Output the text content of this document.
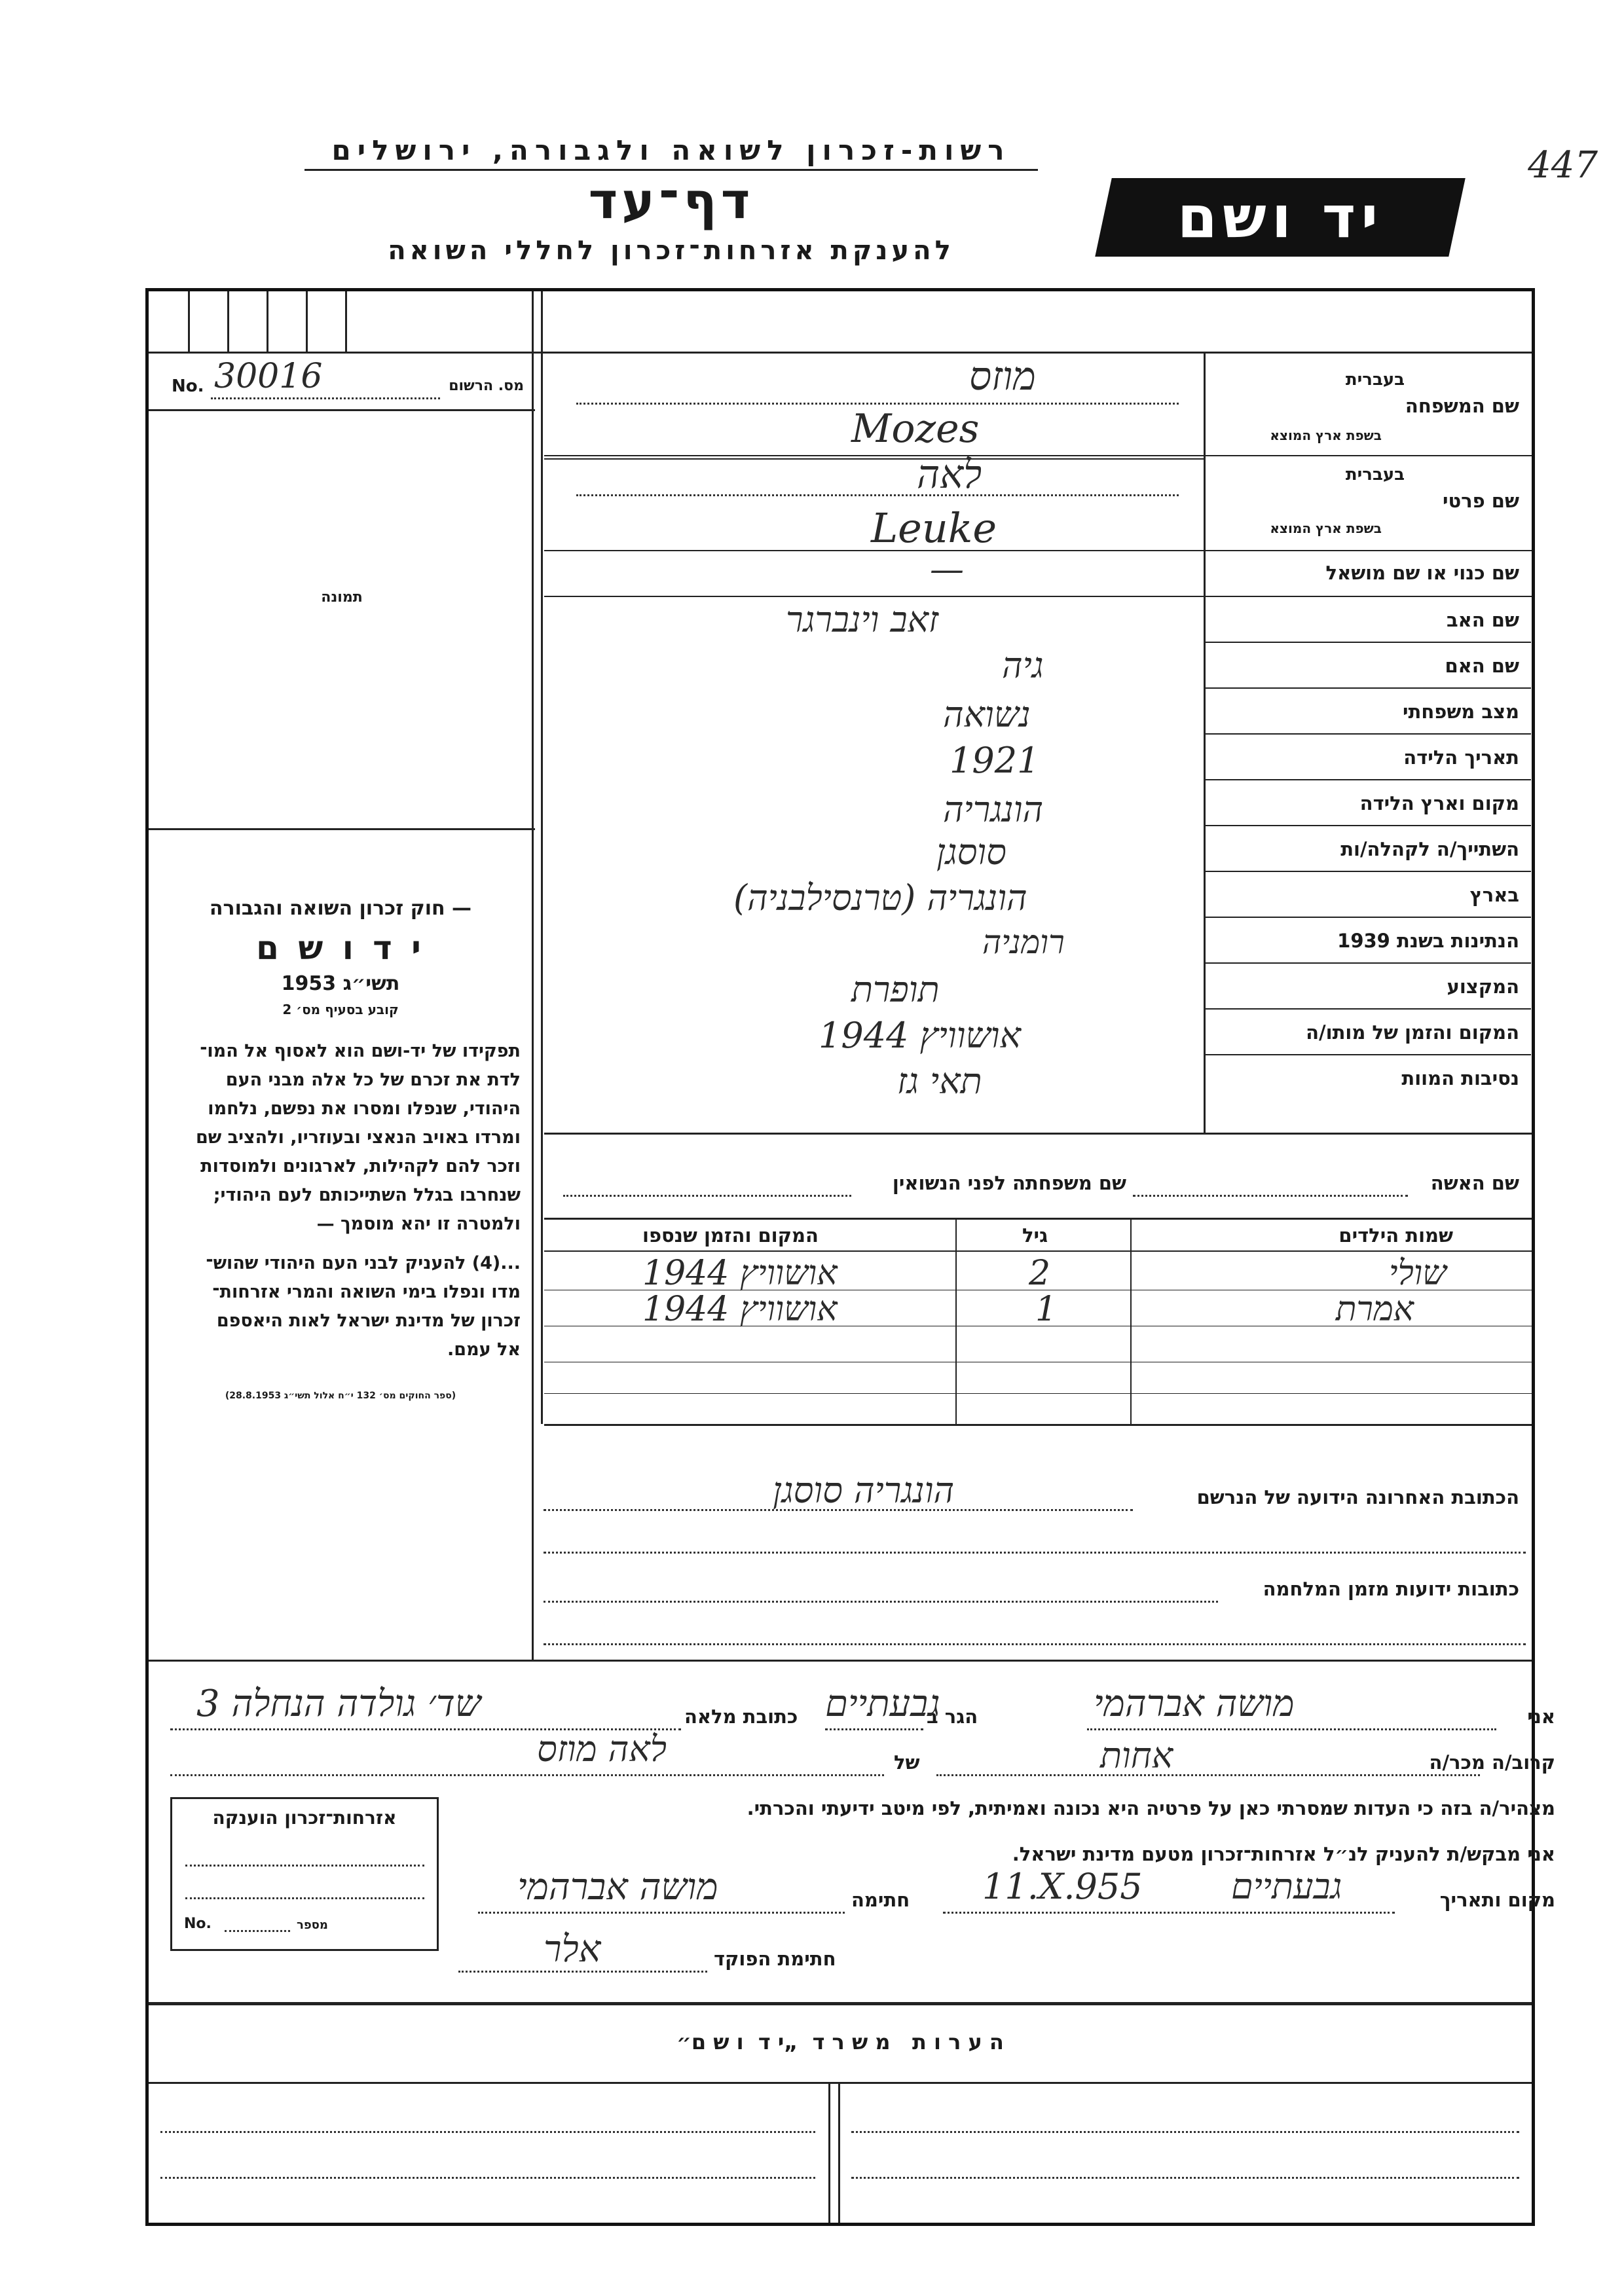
447
יד ושם
רשות-זכרון לשואה ולגבורה, ירושלים
דף־עד
להענקת אזרחות־זכרון לחללי השואה
No. 30016	מס. הרשום
תמונה
חוק זכרון השואה והגבורה —
י ד ו ש ם
תשי״ג 1953
קובע בסעיף מס׳ 2
תפקידו של יד-ושם הוא לאסוף אל המו־
לדת את זכרם של כל אלה מבני העם
היהודי, שנפלו ומסרו את נפשם, נלחמו
ומרדו באויב הנאצי ובעוזריו, ולהציב שם
וזכר להם לקהילות, לארגונים ולמוסדות
שנחרבו בגלל השתייכותם לעם היהודי;
ולמטרה זו יהא מוסמך —
...(4) להעניק לבני העם היהודי שהוש־
מדו ונפלו בימי השואה והמרי אזרחות־
זכרון של מדינת ישראל לאות היאספם
אל עמם.
(ספר החוקים מס׳ 132 י״ח אלול תשי״ג 28.8.1953)
שם המשפחה
בעברית
בשפת ארץ המוצא
מוזס
Mozes
שם פרטי
בעברית
בשפת ארץ המוצא
לאה
Leuke
שם כנוי או שם מושאל
—
שם האב
זאב וינברגר
שם האם
גיה
מצב משפחתי
נשואה
תאריך הלידה
1921
מקום וארץ הלידה
הונגריה
השתייך/ה לקהלה/ות
סוסגן
בארץ
הונגריה (טרנסילבניה)
הנתינות בשנת 1939
רומניה
המקצוע
תופרת
המקום והזמן של מותו/ה
אושוויץ 1944
נסיבות המוות
תאי גז
שם האשה
שם משפחתה לפני הנשואין
שמות הילדים
גיל
המקום והזמן שנספו
שולי
2
אושוויץ 1944
אמרת
1
אושוויץ 1944
הכתובת האחרונה הידועה של הנרשם
הונגריה סוסגן
כתובות ידועות מזמן המלחמה
אני
מושה אברהמי
הגר ב
גבעתיים
כתובת מלאה
שד׳ גולדה הנחלה 3
קרוב/ה מכר/ה
אחות
של
לאה מוזס
מצהיר/ה בזה כי העדות שמסרתי כאן על פרטיה היא נכונה ואמיתית, לפי מיטב ידיעתי והכרתי.
אני מבקש/ת להעניק לנ״ל אזרחות־זכרון מטעם מדינת ישראל.
מקום ותאריך
גבעתיים
11.X.955
חתימה
מושה אברהמי
חתימת הפוקד
אלר
אזרחות־זכרון הוענקה
No.	מספר
ה ע ר ו ת   מ ש ר ד  „י ד  ו ש ם״
